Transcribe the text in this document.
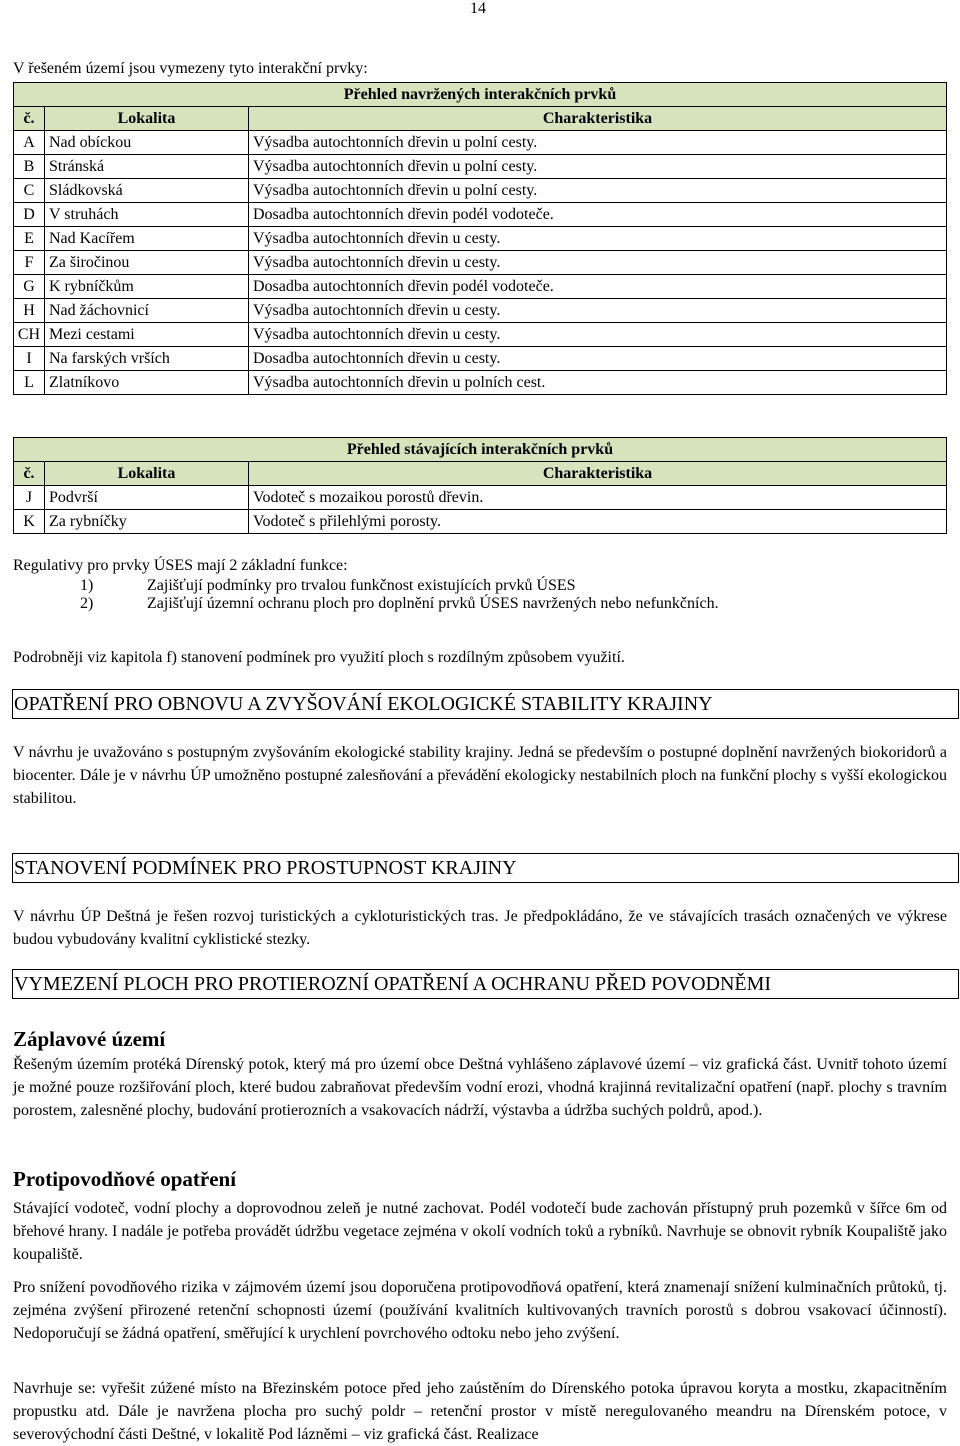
14
V řešeném území jsou vymezeny tyto interakční prvky:
Přehled navržených interakčních prvků		
č.	Lokalita	Charakteristika
A	Nad obíckou	Výsadba autochtonních dřevin u polní cesty.
B	Stránská	Výsadba autochtonních dřevin u polní cesty.
C	Sládkovská	Výsadba autochtonních dřevin u polní cesty.
D	V struhách	Dosadba autochtonních dřevin podél vodoteče.
E	Nad Kacířem	Výsadba autochtonních dřevin u cesty.
F	Za širočinou	Výsadba autochtonních dřevin u cesty.
G	K rybníčkům	Dosadba autochtonních dřevin podél vodoteče.
H	Nad žáchovnicí	Výsadba autochtonních dřevin u cesty.
CH	Mezi cestami	Výsadba autochtonních dřevin u cesty.
I	Na farských vrších	Dosadba autochtonních dřevin u cesty.
L	Zlatníkovo	Výsadba autochtonních dřevin u polních cest.
Přehled stávajících interakčních prvků		
č.	Lokalita	Charakteristika
J	Podvrší	Vodoteč s mozaikou porostů dřevin.
K	Za rybníčky	Vodoteč s přilehlými porosty.

Regulativy pro prvky ÚSES mají 2 základní funkce:

1)	Zajišťují podmínky pro trvalou funkčnost existujících prvků ÚSES
2)	Zajišťují územní ochranu ploch pro doplnění prvků ÚSES navržených nebo nefunkčních.

Podrobněji viz kapitola f) stanovení podmínek pro využití ploch s rozdílným způsobem využití.

OPATŘENÍ PRO OBNOVU A ZVYŠOVÁNÍ EKOLOGICKÉ STABILITY KRAJINY

V návrhu je uvažováno s postupným zvyšováním ekologické stability krajiny. Jedná se především o postupné doplnění navržených biokoridorů a biocenter. Dále je v návrhu ÚP umožněno postupné zalesňování a převádění ekologicky nestabilních ploch na funkční plochy s vyšší ekologickou stabilitou.

STANOVENÍ PODMÍNEK PRO PROSTUPNOST KRAJINY

V návrhu ÚP Deštná je řešen rozvoj turistických a cykloturistických tras. Je předpokládáno, že ve stávajících trasách označených ve výkrese budou vybudovány kvalitní cyklistické stezky.

VYMEZENÍ PLOCH PRO PROTIEROZNÍ OPATŘENÍ A OCHRANU PŘED POVODNĚMI
Záplavové území

Řešeným územím protéká Dírenský potok, který má pro území obce Deštná vyhlášeno záplavové území – viz grafická část. Uvnitř tohoto území je možné pouze rozšiřování ploch, které budou zabraňovat především vodní erozi, vhodná krajinná revitalizační opatření (např. plochy s travním porostem, zalesněné plochy, budování protierozních a vsakovacích nádrží, výstavba a údržba suchých poldrů, apod.).

Protipovodňové opatření

Stávající vodoteč, vodní plochy a doprovodnou zeleň je nutné zachovat. Podél vodotečí bude zachován přístupný pruh pozemků v šířce 6m od břehové hrany. I nadále je potřeba provádět údržbu vegetace zejména v okolí vodních toků a rybníků. Navrhuje se obnovit rybník Koupaliště jako koupaliště.

Pro snížení povodňového rizika v zájmovém území jsou doporučena protipovodňová opatření, která znamenají snížení kulminačních průtoků, tj. zejména zvýšení přirozené retenční schopnosti území (používání kvalitních kultivovaných travních porostů s dobrou vsakovací účinností). Nedoporučují se žádná opatření, směřující k urychlení povrchového odtoku nebo jeho zvýšení.

Navrhuje se: vyřešit zúžené místo na Březinském potoce před jeho zaústěním do Dírenského potoka úpravou koryta a mostku, zkapacitněním propustku atd. Dále je navržena plocha pro suchý poldr – retenční prostor v místě neregulovaného meandru na Dírenském potoce, v severovýchodní části Deštné, v lokalitě Pod lázněmi – viz grafická část. Realizace
